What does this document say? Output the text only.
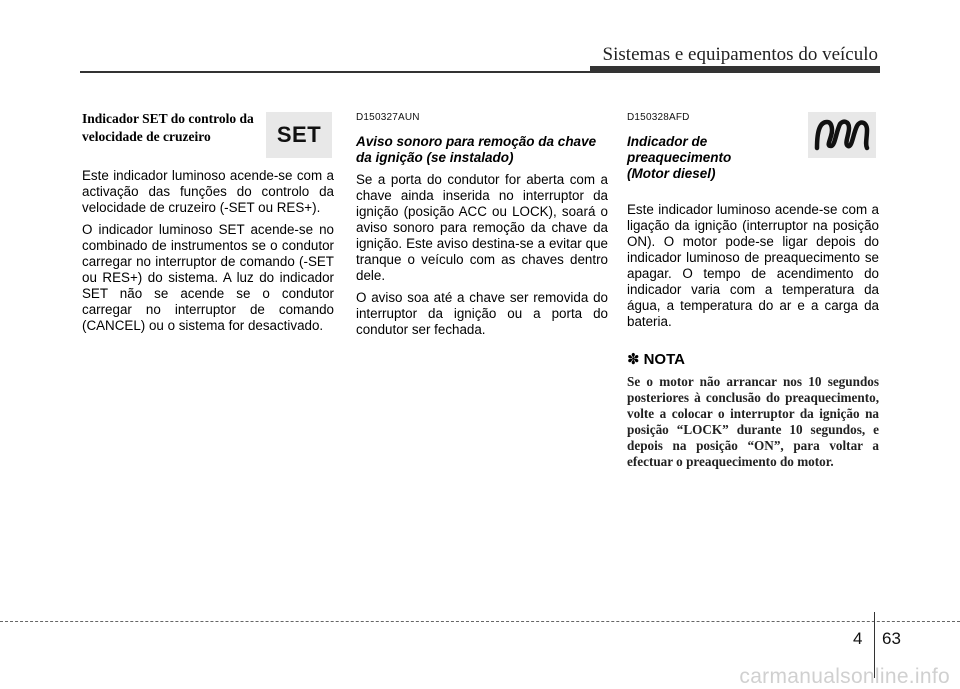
Sistemas e equipamentos do veículo
Indicador SET do controlo da velocidade de cruzeiro

Este indicador luminoso acende-se com a activação das funções do controlo da velocidade de cruzeiro (-SET ou RES+).

O indicador luminoso SET acende-se no combinado de instrumentos se o condutor carregar no interruptor de comando (-SET ou RES+) do sistema. A luz do indicador SET não se acende se o condutor carregar no interruptor de comando (CANCEL) ou o sistema for desactivado.

SET
D150327AUN
Aviso sonoro para remoção da chave da ignição (se instalado)

Se a porta do condutor for aberta com a chave ainda inserida no interruptor da ignição (posição ACC ou LOCK), soará o aviso sonoro para remoção da chave da ignição. Este aviso destina-se a evitar que tranque o veículo com as chaves dentro dele.

O aviso soa até a chave ser removida do interruptor da ignição ou a porta do condutor ser fechada.

D150328AFD
Indicador de
preaquecimento
(Motor diesel)

Este indicador luminoso acende-se com a ligação da ignição (interruptor na posição ON). O motor pode-se ligar depois do indicador luminoso de preaquecimento se apagar. O tempo de acendimento do indicador varia com a temperatura da água, a temperatura do ar e a carga da bateria.

✽ NOTA

Se o motor não arrancar nos 10 segundos posteriores à conclusão do preaquecimento, volte a colocar o interruptor da ignição na posição “LOCK” durante 10 segundos, e depois na posição “ON”, para voltar a efectuar o preaquecimento do motor.

4 63
carmanualsonline.info
